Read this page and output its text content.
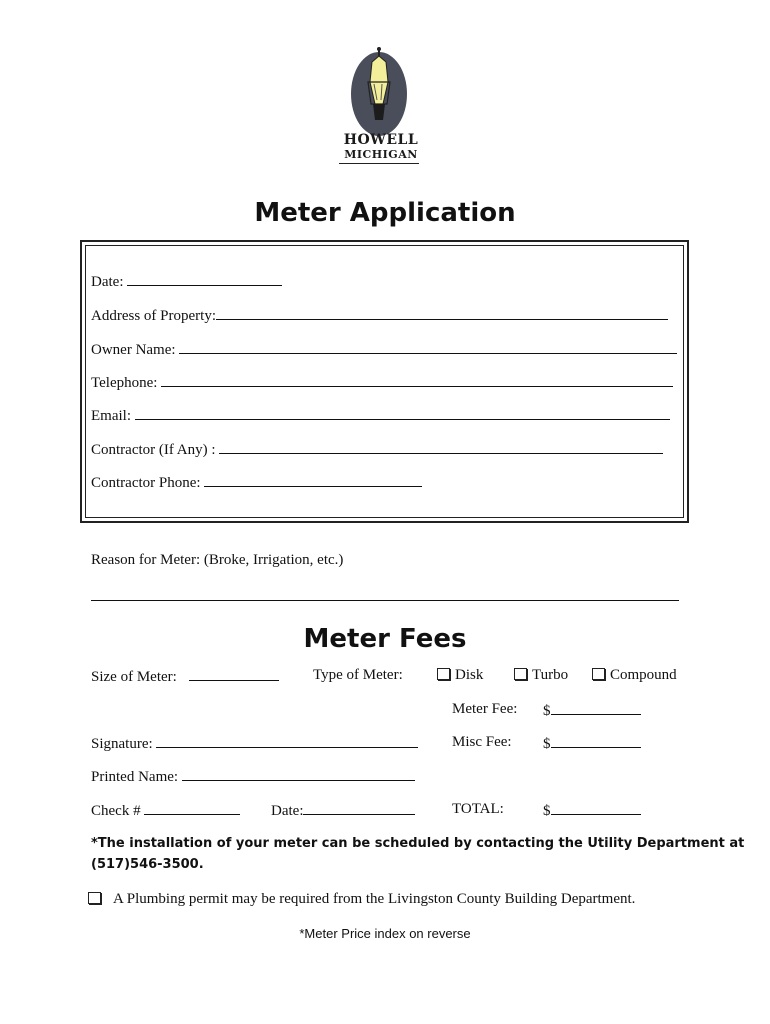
HOWELL
MICHIGAN
Meter Application
Date:
Address of Property:
Owner Name:
Telephone:
Email:
Contractor (If Any) :
Contractor Phone:
Reason for Meter: (Broke, Irrigation, etc.)
Meter Fees
Size of Meter:	Type of Meter:	Disk	Turbo	Compound
Meter Fee: $
Signature:	Misc Fee: $
Printed Name:
Check #	Date:	TOTAL:	$
*The installation of your meter can be scheduled by contacting the Utility Department at
(517)546-3500.
A Plumbing permit may be required from the Livingston County Building Department.
*Meter Price index on reverse
